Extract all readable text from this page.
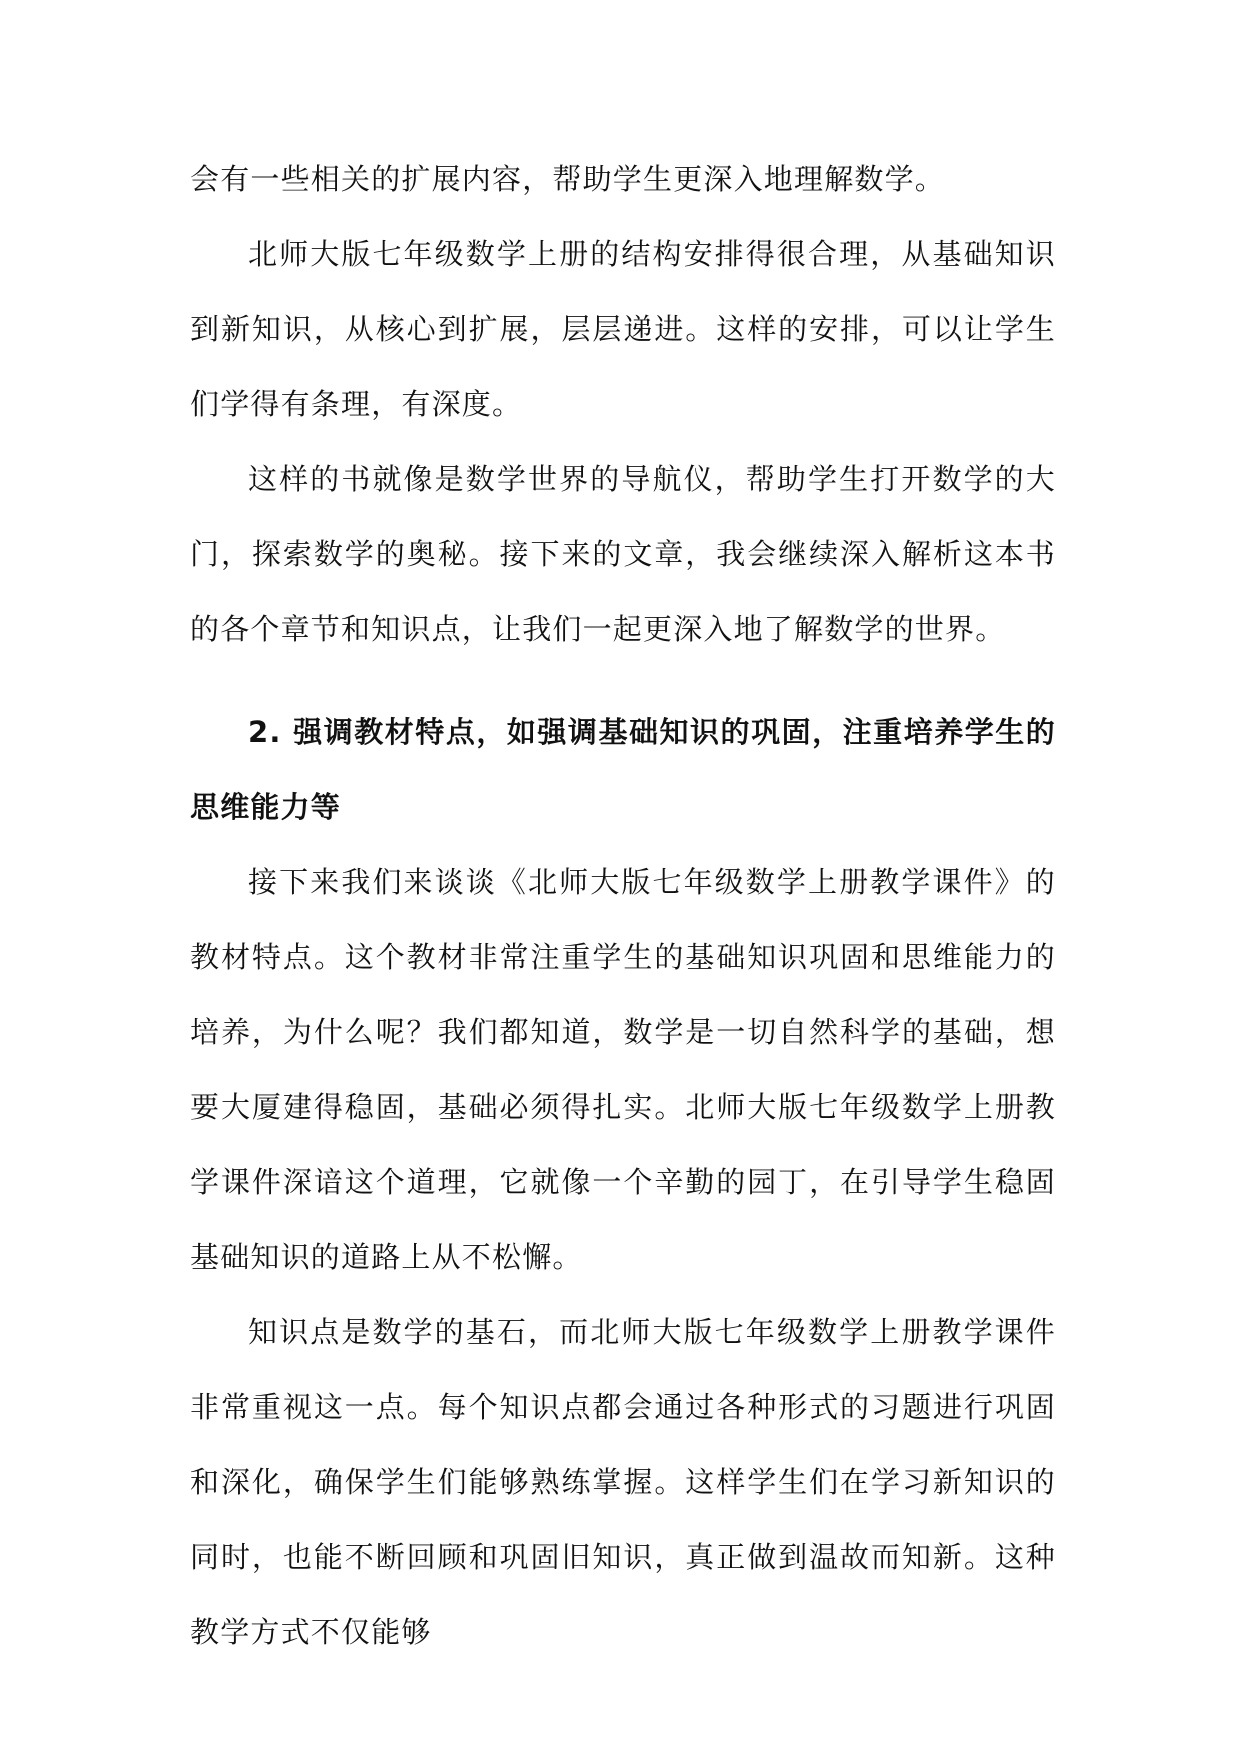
会有一些相关的扩展内容，帮助学生更深入地理解数学。

北师大版七年级数学上册的结构安排得很合理，从基础知识到新知识，从核心到扩展，层层递进。这样的安排，可以让学生们学得有条理，有深度。

这样的书就像是数学世界的导航仪，帮助学生打开数学的大门，探索数学的奥秘。接下来的文章，我会继续深入解析这本书的各个章节和知识点，让我们一起更深入地了解数学的世界。

2. 强调教材特点，如强调基础知识的巩固，注重培养学生的思维能力等

接下来我们来谈谈《北师大版七年级数学上册教学课件》的教材特点。这个教材非常注重学生的基础知识巩固和思维能力的培养，为什么呢？我们都知道，数学是一切自然科学的基础，想要大厦建得稳固，基础必须得扎实。北师大版七年级数学上册教学课件深谙这个道理，它就像一个辛勤的园丁，在引导学生稳固基础知识的道路上从不松懈。

知识点是数学的基石，而北师大版七年级数学上册教学课件非常重视这一点。每个知识点都会通过各种形式的习题进行巩固和深化，确保学生们能够熟练掌握。这样学生们在学习新知识的同时，也能不断回顾和巩固旧知识，真正做到温故而知新。这种教学方式不仅能够
